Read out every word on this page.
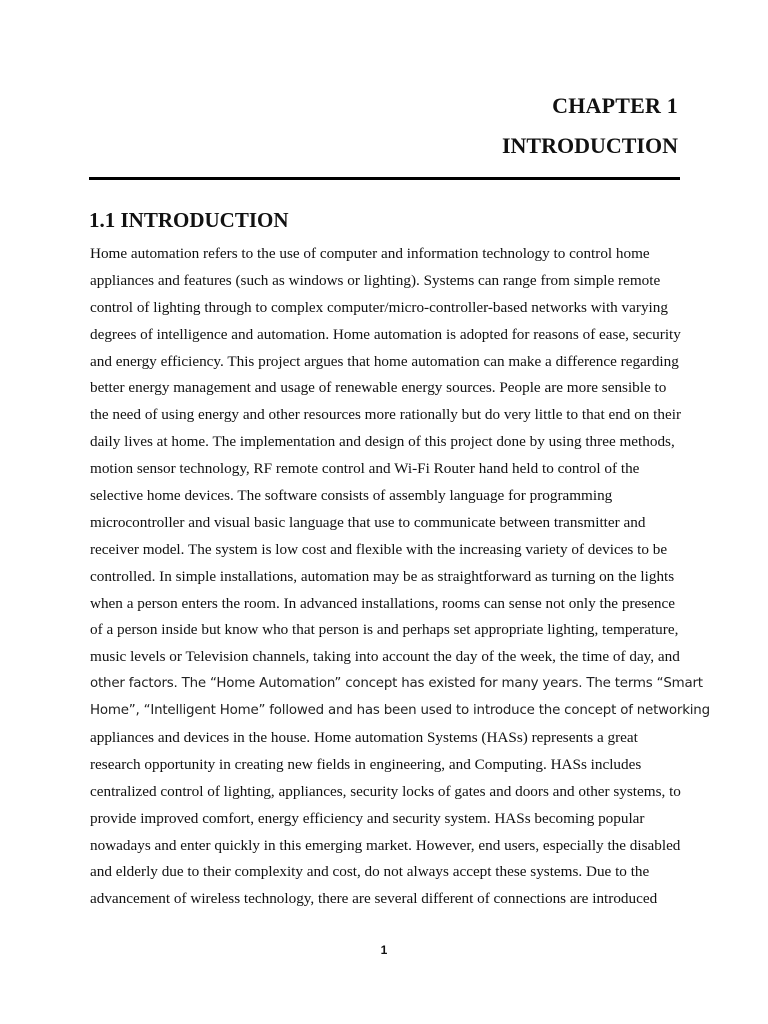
CHAPTER 1
INTRODUCTION
1.1 INTRODUCTION
Home automation refers to the use of computer and information technology to control home
appliances and features (such as windows or lighting). Systems can range from simple remote
control of lighting through to complex computer/micro-controller-based networks with varying
degrees of intelligence and automation. Home automation is adopted for reasons of ease, security
and energy efficiency. This project argues that home automation can make a difference regarding
better energy management and usage of renewable energy sources. People are more sensible to
the need of using energy and other resources more rationally but do very little to that end on their
daily lives at home. The implementation and design of this project done by using three methods,
motion sensor technology, RF remote control and Wi-Fi Router hand held to control of the
selective home devices. The software consists of assembly language for programming
microcontroller and visual basic language that use to communicate between transmitter and
receiver model. The system is low cost and flexible with the increasing variety of devices to be
controlled. In simple installations, automation may be as straightforward as turning on the lights
when a person enters the room. In advanced installations, rooms can sense not only the presence
of a person inside but know who that person is and perhaps set appropriate lighting, temperature,
music levels or Television channels, taking into account the day of the week, the time of day, and
other factors. The “Home Automation” concept has existed for many years. The terms “Smart
Home”, “Intelligent Home” followed and has been used to introduce the concept of networking
appliances and devices in the house. Home automation Systems (HASs) represents a great
research opportunity in creating new fields in engineering, and Computing. HASs includes
centralized control of lighting, appliances, security locks of gates and doors and other systems, to
provide improved comfort, energy efficiency and security system. HASs becoming popular
nowadays and enter quickly in this emerging market. However, end users, especially the disabled
and elderly due to their complexity and cost, do not always accept these systems. Due to the
advancement of wireless technology, there are several different of connections are introduced
1
